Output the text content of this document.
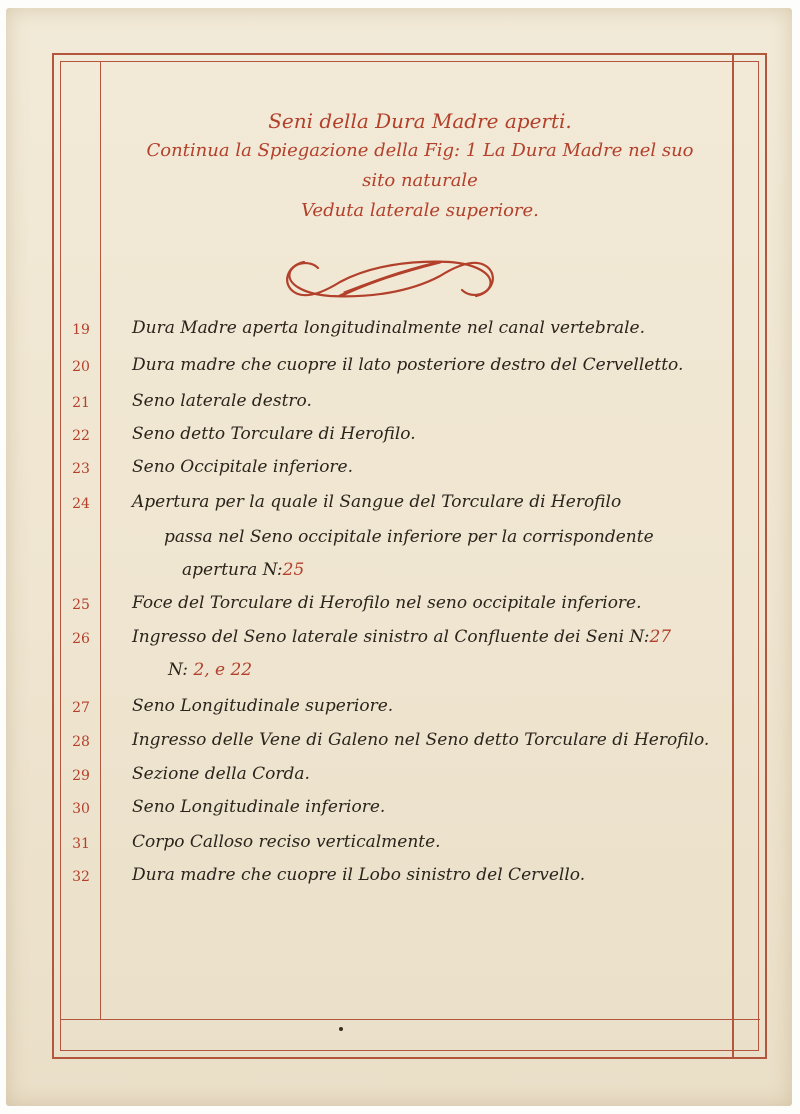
Seni della Dura Madre aperti.
Continua la Spiegazione della Fig: 1 La Dura Madre nel suo
sito naturale
Veduta laterale superiore.
19	Dura Madre aperta longitudinalmente nel canal vertebrale.
20	Dura madre che cuopre il lato posteriore destro del Cervelletto.
21	Seno laterale destro.
22	Seno detto Torculare di Herofilo.
23	Seno Occipitale inferiore.
24	Apertura per la quale il Sangue del Torculare di Herofilo
passa nel Seno occipitale inferiore per la corrispondente
apertura N:25
25	Foce del Torculare di Herofilo nel seno occipitale inferiore.
26	Ingresso del Seno laterale sinistro al Confluente dei Seni N:27
N: 2, e 22
27	Seno Longitudinale superiore.
28	Ingresso delle Vene di Galeno nel Seno detto Torculare di Herofilo.
29	Sezione della Corda.
30	Seno Longitudinale inferiore.
31	Corpo Calloso reciso verticalmente.
32	Dura madre che cuopre il Lobo sinistro del Cervello.
